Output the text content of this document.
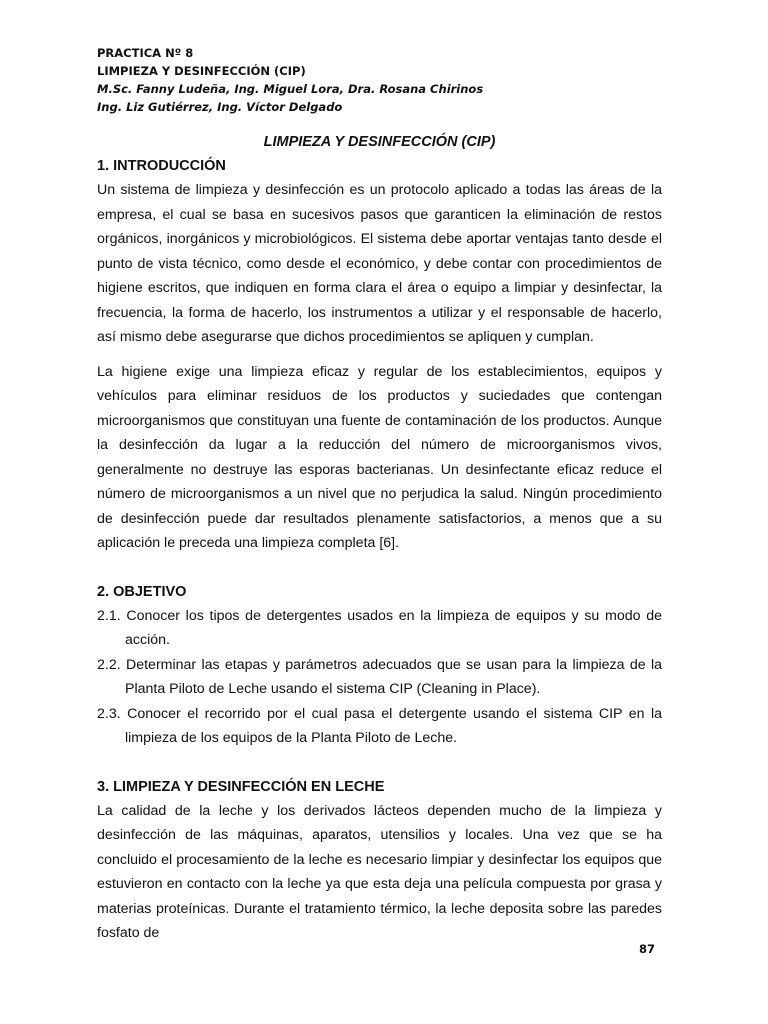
PRACTICA Nº 8
LIMPIEZA Y DESINFECCIÓN (CIP)
M.Sc. Fanny Ludeña, Ing. Miguel Lora, Dra. Rosana Chirinos
Ing. Liz Gutiérrez, Ing. Víctor Delgado
LIMPIEZA Y DESINFECCIÓN (CIP)
1. INTRODUCCIÓN

Un sistema de limpieza y desinfección es un protocolo aplicado a todas las áreas de la empresa, el cual se basa en sucesivos pasos que garanticen la eliminación de restos orgánicos, inorgánicos y microbiológicos. El sistema debe aportar ventajas tanto desde el punto de vista técnico, como desde el económico, y debe contar con procedimientos de higiene escritos, que indiquen en forma clara el área o equipo a limpiar y desinfectar, la frecuencia, la forma de hacerlo, los instrumentos a utilizar y el responsable de hacerlo, así mismo debe asegurarse que dichos procedimientos se apliquen y cumplan.

La higiene exige una limpieza eficaz y regular de los establecimientos, equipos y vehículos para eliminar residuos de los productos y suciedades que contengan microorganismos que constituyan una fuente de contaminación de los productos. Aunque la desinfección da lugar a la reducción del número de microorganismos vivos, generalmente no destruye las esporas bacterianas. Un desinfectante eficaz reduce el número de microorganismos a un nivel que no perjudica la salud. Ningún procedimiento de desinfección puede dar resultados plenamente satisfactorios, a menos que a su aplicación le preceda una limpieza completa [6].

2. OBJETIVO
2.1. Conocer los tipos de detergentes usados en la limpieza de equipos y su modo de acción.
2.2. Determinar las etapas y parámetros adecuados que se usan para la limpieza de la Planta Piloto de Leche usando el sistema CIP (Cleaning in Place).
2.3. Conocer el recorrido por el cual pasa el detergente usando el sistema CIP en la limpieza de los equipos de la Planta Piloto de Leche.
3. LIMPIEZA Y DESINFECCIÓN EN LECHE

La calidad de la leche y los derivados lácteos dependen mucho de la limpieza y desinfección de las máquinas, aparatos, utensilios y locales. Una vez que se ha concluido el procesamiento de la leche es necesario limpiar y desinfectar los equipos que estuvieron en contacto con la leche ya que esta deja una película compuesta por grasa y materias proteínicas. Durante el tratamiento térmico, la leche deposita sobre las paredes fosfato de

87
